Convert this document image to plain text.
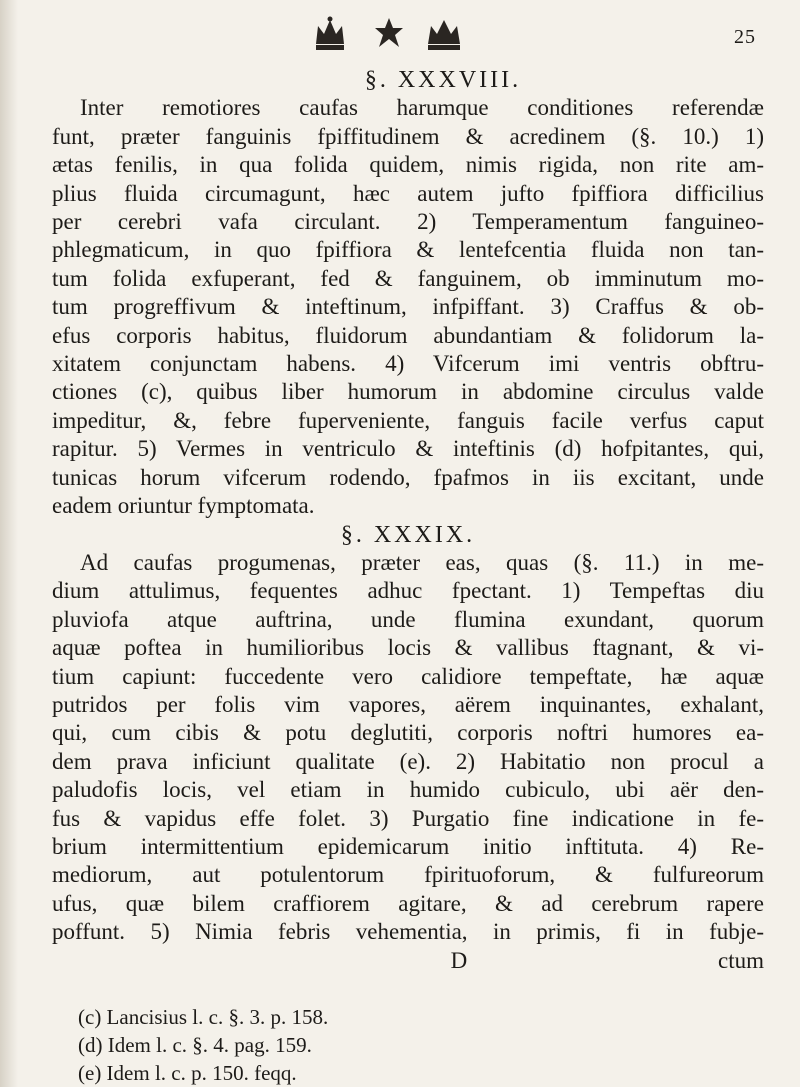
25
§. XXXVIII.
Inter remotiores caufas harumque conditiones referendæ
funt, præter fanguinis fpiffitudinem & acredinem (§. 10.) 1)
ætas fenilis, in qua folida quidem, nimis rigida, non rite am-
plius fluida circumagunt, hæc autem jufto fpiffiora difficilius
per cerebri vafa circulant. 2) Temperamentum fanguineo-
phlegmaticum, in quo fpiffiora & lentefcentia fluida non tan-
tum folida exfuperant, fed & fanguinem, ob imminutum mo-
tum progreffivum & inteftinum, infpiffant. 3) Craffus & ob-
efus corporis habitus, fluidorum abundantiam & folidorum la-
xitatem conjunctam habens. 4) Vifcerum imi ventris obftru-
ctiones (c), quibus liber humorum in abdomine circulus valde
impeditur, &, febre fuperveniente, fanguis facile verfus caput
rapitur. 5) Vermes in ventriculo & inteftinis (d) hofpitantes, qui,
tunicas horum vifcerum rodendo, fpafmos in iis excitant, unde
eadem oriuntur fymptomata.
§. XXXIX.
Ad caufas progumenas, præter eas, quas (§. 11.) in me-
dium attulimus, fequentes adhuc fpectant. 1) Tempeftas diu
pluviofa atque auftrina, unde flumina exundant, quorum
aquæ poftea in humilioribus locis & vallibus ftagnant, & vi-
tium capiunt: fuccedente vero calidiore tempeftate, hæ aquæ
putridos per folis vim vapores, aërem inquinantes, exhalant,
qui, cum cibis & potu deglutiti, corporis noftri humores ea-
dem prava inficiunt qualitate (e). 2) Habitatio non procul a
paludofis locis, vel etiam in humido cubiculo, ubi aër den-
fus & vapidus effe folet. 3) Purgatio fine indicatione in fe-
brium intermittentium epidemicarum initio inftituta. 4) Re-
mediorum, aut potulentorum fpirituoforum, & fulfureorum
ufus, quæ bilem craffiorem agitare, & ad cerebrum rapere
poffunt. 5) Nimia febris vehementia, in primis, fi in fubje-
D	ctum
(c) Lancisius l. c. §. 3. p. 158.
(d) Idem l. c. §. 4. pag. 159.
(e) Idem l. c. p. 150. feqq.
